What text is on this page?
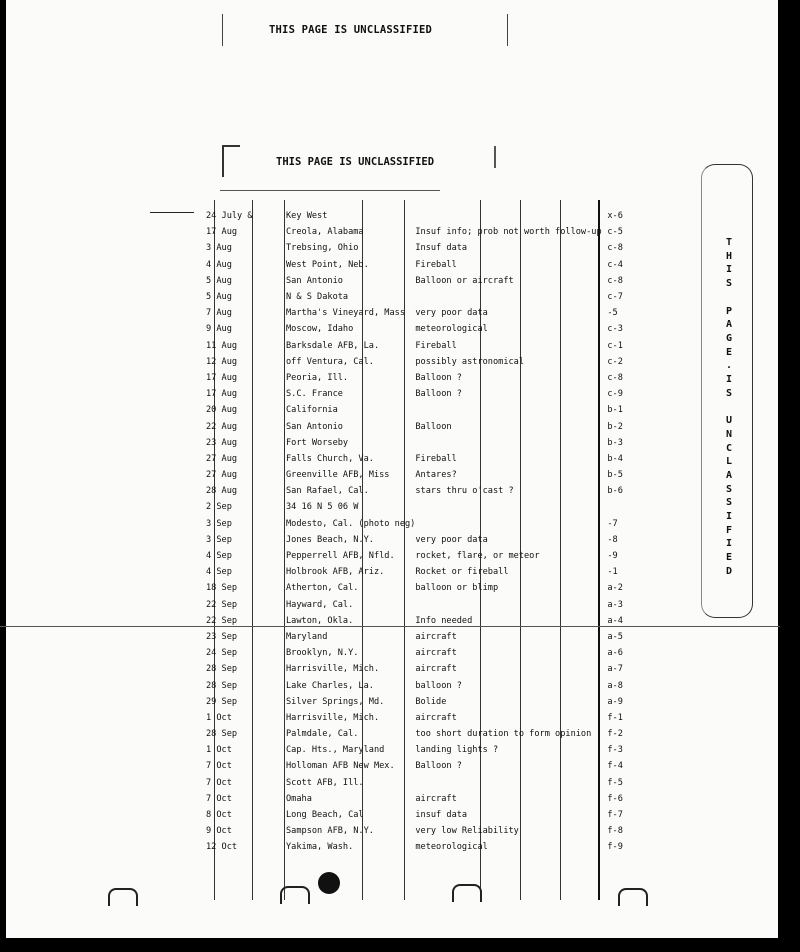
THIS PAGE IS UNCLASSIFIED
THIS PAGE IS UNCLASSIFIED
24 July &	Key West		x-6
17 Aug	Creola, Alabama	Insuf info; prob not worth follow-up	c-5
3 Aug	Trebsing, Ohio	Insuf data	c-8
4 Aug	West Point, Neb.	Fireball	c-4
5 Aug	San Antonio	Balloon or aircraft	c-8
5 Aug	N & S Dakota		c-7
7 Aug	Martha's Vineyard, Mass	very poor data	-5
9 Aug	Moscow, Idaho	meteorological	c-3
11 Aug	Barksdale AFB, La.	Fireball	c-1
12 Aug	off Ventura, Cal.	possibly astronomical	c-2
17 Aug	Peoria, Ill.	Balloon ?	c-8
17 Aug	S.C. France	Balloon ?	c-9
20 Aug	California		b-1
22 Aug	San Antonio	Balloon	b-2
23 Aug	Fort Worseby		b-3
27 Aug	Falls Church, Va.	Fireball	b-4
27 Aug	Greenville AFB, Miss	Antares?	b-5
28 Aug	San Rafael, Cal.	stars thru o'cast ?	b-6
2 Sep	34 16 N 5 06 W		
3 Sep	Modesto, Cal. (photo neg)		-7
3 Sep	Jones Beach, N.Y.	very poor data	-8
4 Sep	Pepperrell AFB, Nfld.	rocket, flare, or meteor	-9
4 Sep	Holbrook AFB, Ariz.	Rocket or fireball	-1
18 Sep	Atherton, Cal.	balloon or blimp	a-2
22 Sep	Hayward, Cal.		a-3
22 Sep	Lawton, Okla.	Info needed	a-4
23 Sep	Maryland	aircraft	a-5
24 Sep	Brooklyn, N.Y.	aircraft	a-6
28 Sep	Harrisville, Mich.	aircraft	a-7
28 Sep	Lake Charles, La.	balloon ?	a-8
29 Sep	Silver Springs, Md.	Bolide	a-9
1 Oct	Harrisville, Mich.	aircraft	f-1
28 Sep	Palmdale, Cal.	too short duration to form opinion	f-2
1 Oct	Cap. Hts., Maryland	landing lights ?	f-3
7 Oct	Holloman AFB New Mex.	Balloon ?	f-4
7 Oct	Scott AFB, Ill.		f-5
7 Oct	Omaha	aircraft	f-6
8 Oct	Long Beach, Cal	insuf data	f-7
9 Oct	Sampson AFB, N.Y.	very low Reliability	f-8
12 Oct	Yakima, Wash.	meteorological	f-9
T
H
I
S

P
A
G
E
.
I
S

U
N
C
L
A
S
S
I
F
I
E
D
